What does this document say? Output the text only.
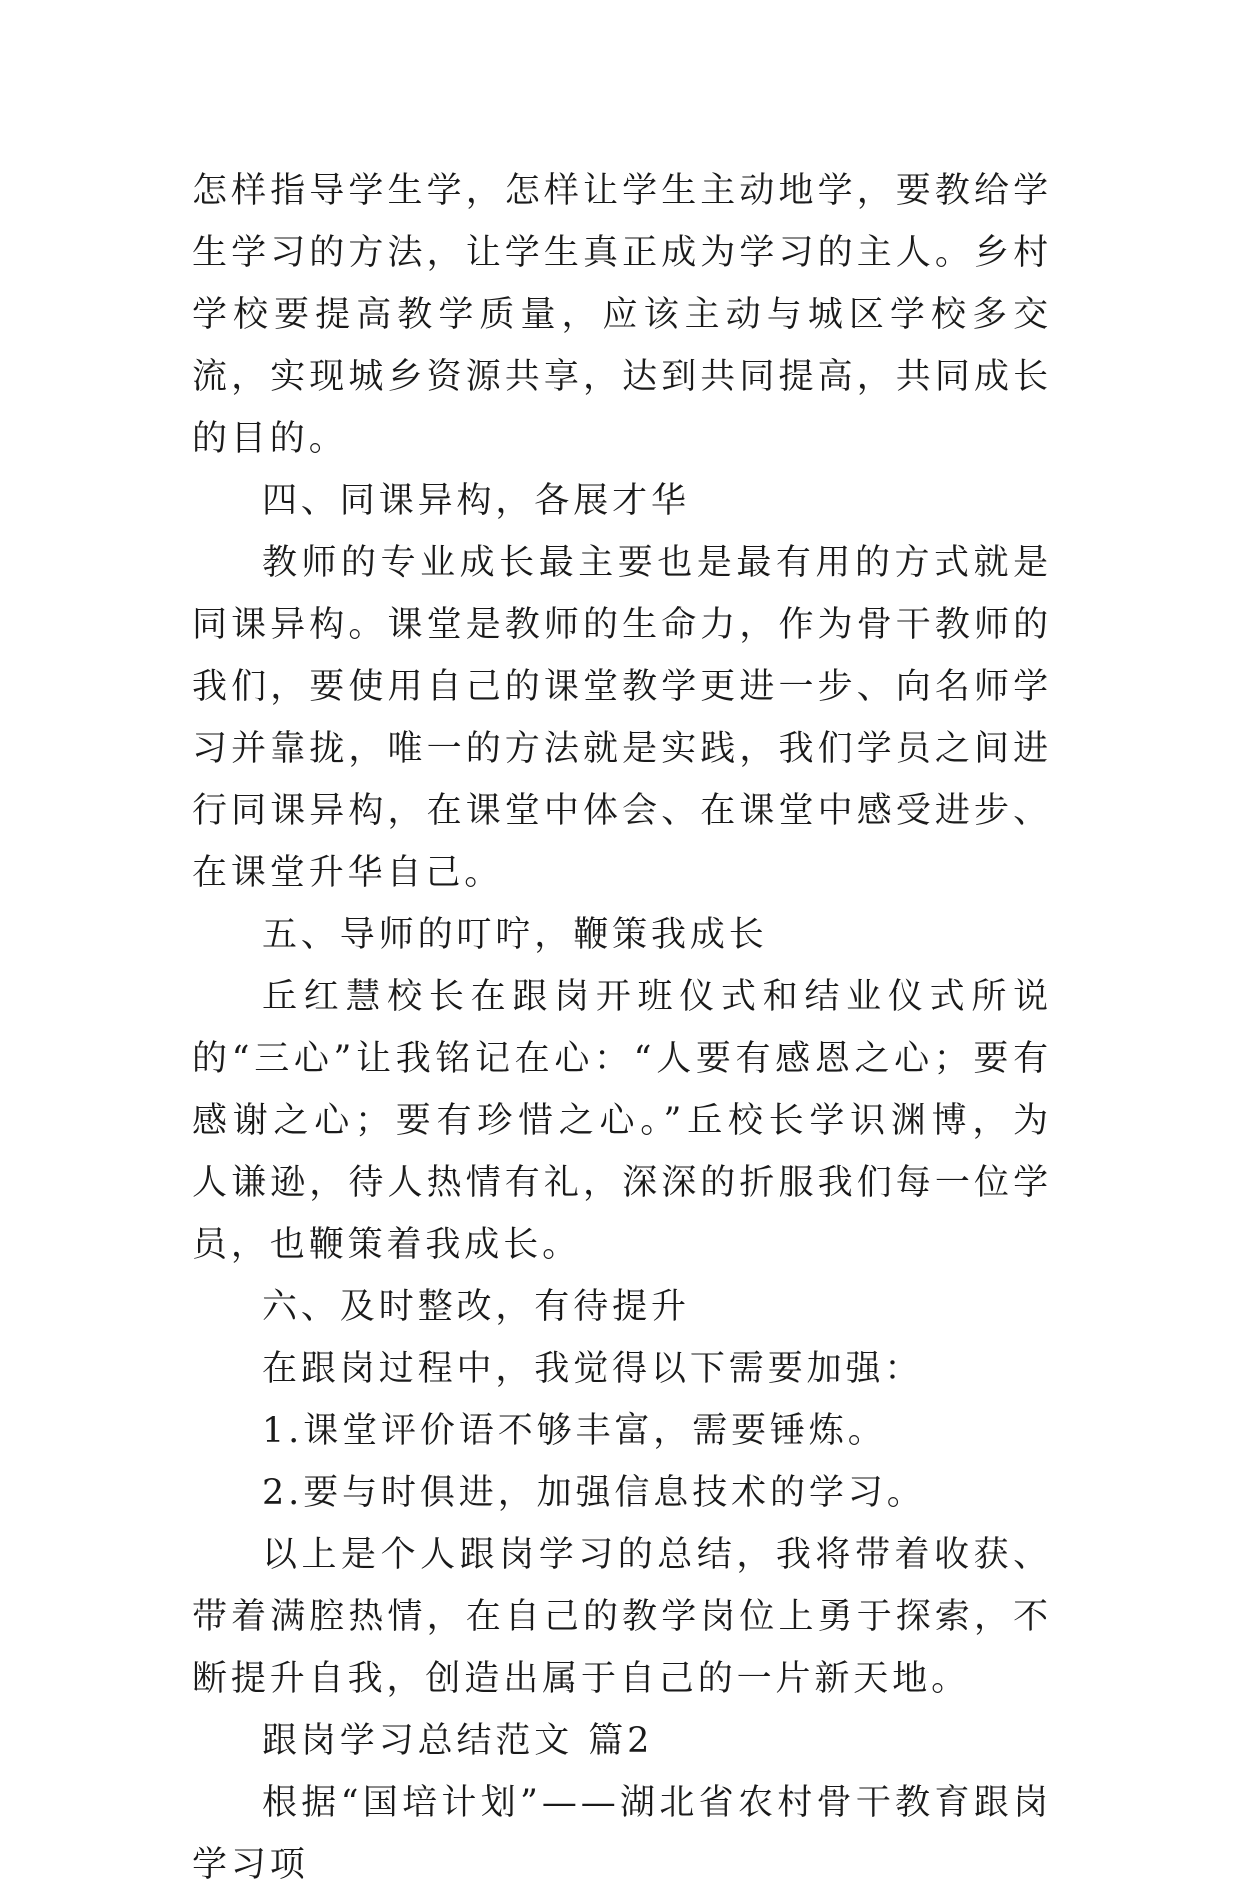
怎样指导学生学，怎样让学生主动地学，要教给学生学习的方法，让学生真正成为学习的主人。乡村学校要提高教学质量，应该主动与城区学校多交流，实现城乡资源共享，达到共同提高，共同成长的目的。

四、同课异构，各展才华

教师的专业成长最主要也是最有用的方式就是同课异构。课堂是教师的生命力，作为骨干教师的我们，要使用自己的课堂教学更进一步、向名师学习并靠拢，唯一的方法就是实践，我们学员之间进行同课异构，在课堂中体会、在课堂中感受进步、在课堂升华自己。

五、导师的叮咛，鞭策我成长

丘红慧校长在跟岗开班仪式和结业仪式所说的“三心”让我铭记在心：“人要有感恩之心；要有感谢之心；要有珍惜之心。”丘校长学识渊博，为人谦逊，待人热情有礼，深深的折服我们每一位学员，也鞭策着我成长。

六、及时整改，有待提升

在跟岗过程中，我觉得以下需要加强：

1.课堂评价语不够丰富，需要锤炼。

2.要与时俱进，加强信息技术的学习。

以上是个人跟岗学习的总结，我将带着收获、带着满腔热情，在自己的教学岗位上勇于探索，不断提升自我，创造出属于自己的一片新天地。

跟岗学习总结范文 篇2

根据“国培计划”——湖北省农村骨干教育跟岗学习项
